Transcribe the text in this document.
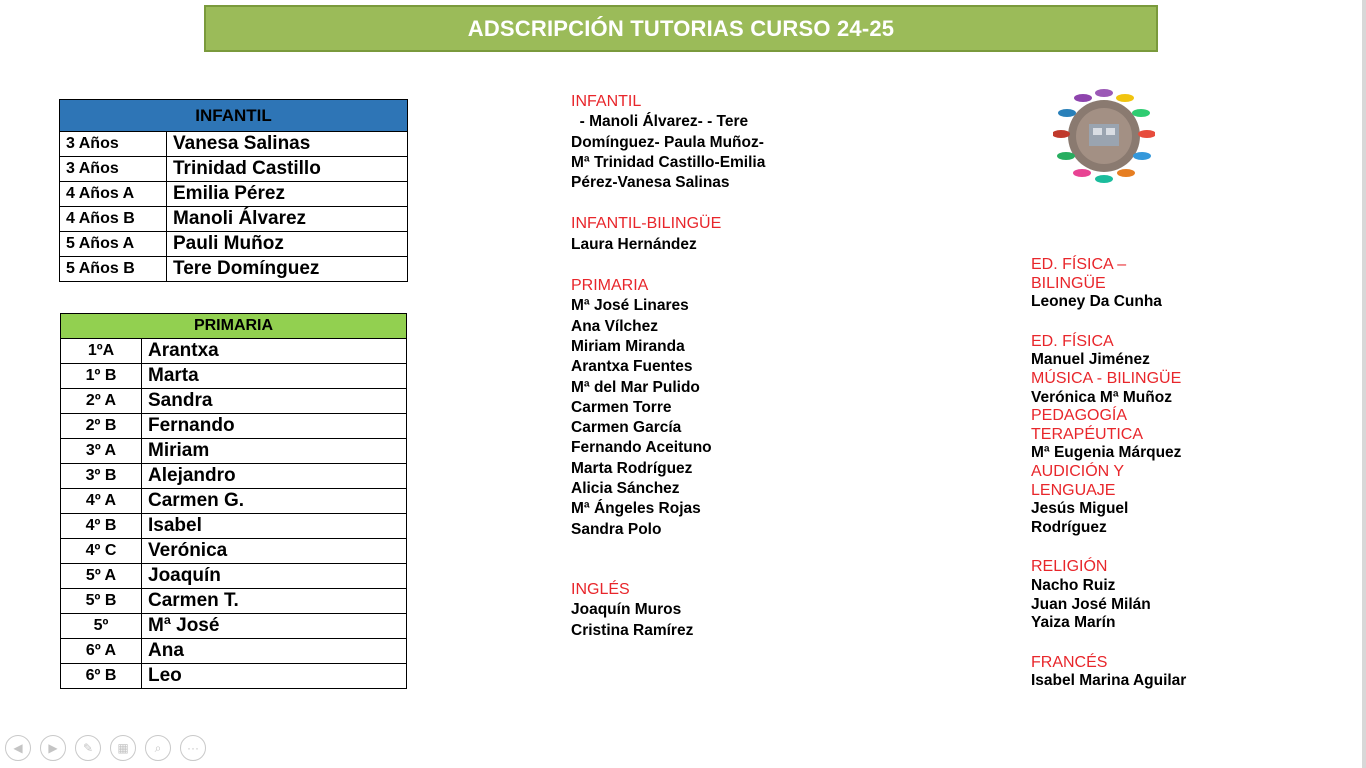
ADSCRIPCIÓN TUTORIAS CURSO 24-25
INFANTIL	
3 Años	Vanesa Salinas
3 Años	Trinidad Castillo
4 Años A	Emilia Pérez
4 Años B	Manoli Álvarez
5 Años A	Pauli Muñoz
5 Años B	Tere Domínguez
PRIMARIA	
1ºA	Arantxa
1º B	Marta
2º A	Sandra
2º B	Fernando
3º A	Miriam
3º B	Alejandro
4º A	Carmen G.
4º B	Isabel
4º C	Verónica
5º A	Joaquín
5º B	Carmen T.
5º	Mª José
6º A	Ana
6º B	Leo
INFANTIL
- Manoli Álvarez- - Tere
Domínguez- Paula Muñoz-
Mª Trinidad Castillo-Emilia
Pérez-Vanesa Salinas
INFANTIL-BILINGÜE
Laura Hernández
PRIMARIA
Mª José Linares
Ana Vílchez
Miriam Miranda
Arantxa Fuentes
Mª del Mar Pulido
Carmen Torre
Carmen García
Fernando Aceituno
Marta Rodríguez
Alicia Sánchez
Mª Ángeles Rojas
Sandra Polo
INGLÉS
Joaquín Muros
Cristina Ramírez
ED. FÍSICA –
BILINGÜE
Leoney Da Cunha
ED. FÍSICA
Manuel Jiménez
MÚSICA - BILINGÜE
Verónica Mª Muñoz
PEDAGOGÍA
TERAPÉUTICA
Mª Eugenia Márquez
AUDICIÓN Y
LENGUAJE
Jesús Miguel
Rodríguez
RELIGIÓN
Nacho Ruiz
Juan José Milán
Yaiza Marín
FRANCÉS
Isabel Marina Aguilar
◀	▶	✎	▦	⌕	···
